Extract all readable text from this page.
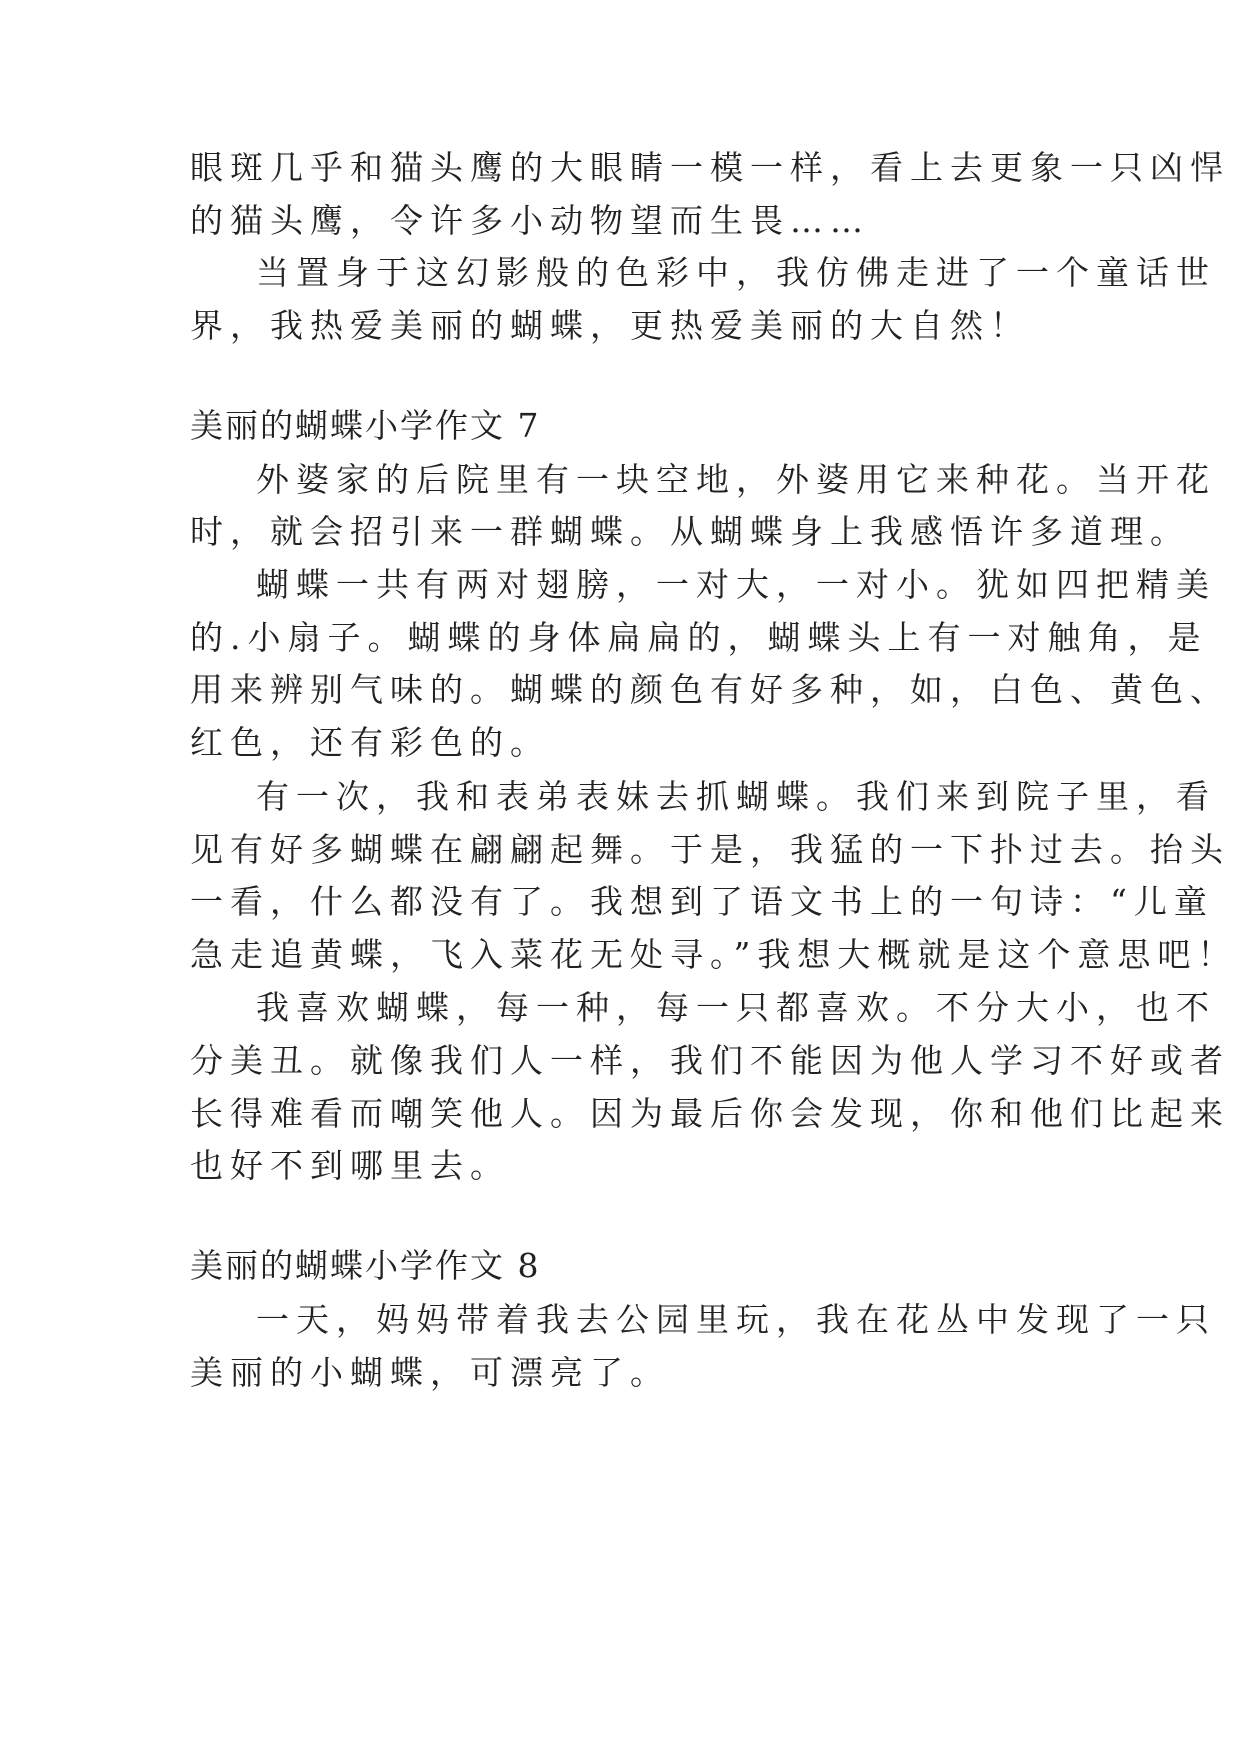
眼斑几乎和猫头鹰的大眼睛一模一样，看上去更象一只凶悍
的猫头鹰，令许多小动物望而生畏……
当置身于这幻影般的色彩中，我仿佛走进了一个童话世
界，我热爱美丽的蝴蝶，更热爱美丽的大自然！
美丽的蝴蝶小学作文 7
外婆家的后院里有一块空地，外婆用它来种花。当开花
时，就会招引来一群蝴蝶。从蝴蝶身上我感悟许多道理。
蝴蝶一共有两对翅膀，一对大，一对小。犹如四把精美
的.小扇子。蝴蝶的身体扁扁的，蝴蝶头上有一对触角，是
用来辨别气味的。蝴蝶的颜色有好多种，如，白色、黄色、
红色，还有彩色的。
有一次，我和表弟表妹去抓蝴蝶。我们来到院子里，看
见有好多蝴蝶在翩翩起舞。于是，我猛的一下扑过去。抬头
一看，什么都没有了。我想到了语文书上的一句诗：“儿童
急走追黄蝶，飞入菜花无处寻。”我想大概就是这个意思吧！
我喜欢蝴蝶，每一种，每一只都喜欢。不分大小，也不
分美丑。就像我们人一样，我们不能因为他人学习不好或者
长得难看而嘲笑他人。因为最后你会发现，你和他们比起来
也好不到哪里去。
美丽的蝴蝶小学作文 8
一天，妈妈带着我去公园里玩，我在花丛中发现了一只
美丽的小蝴蝶，可漂亮了。
